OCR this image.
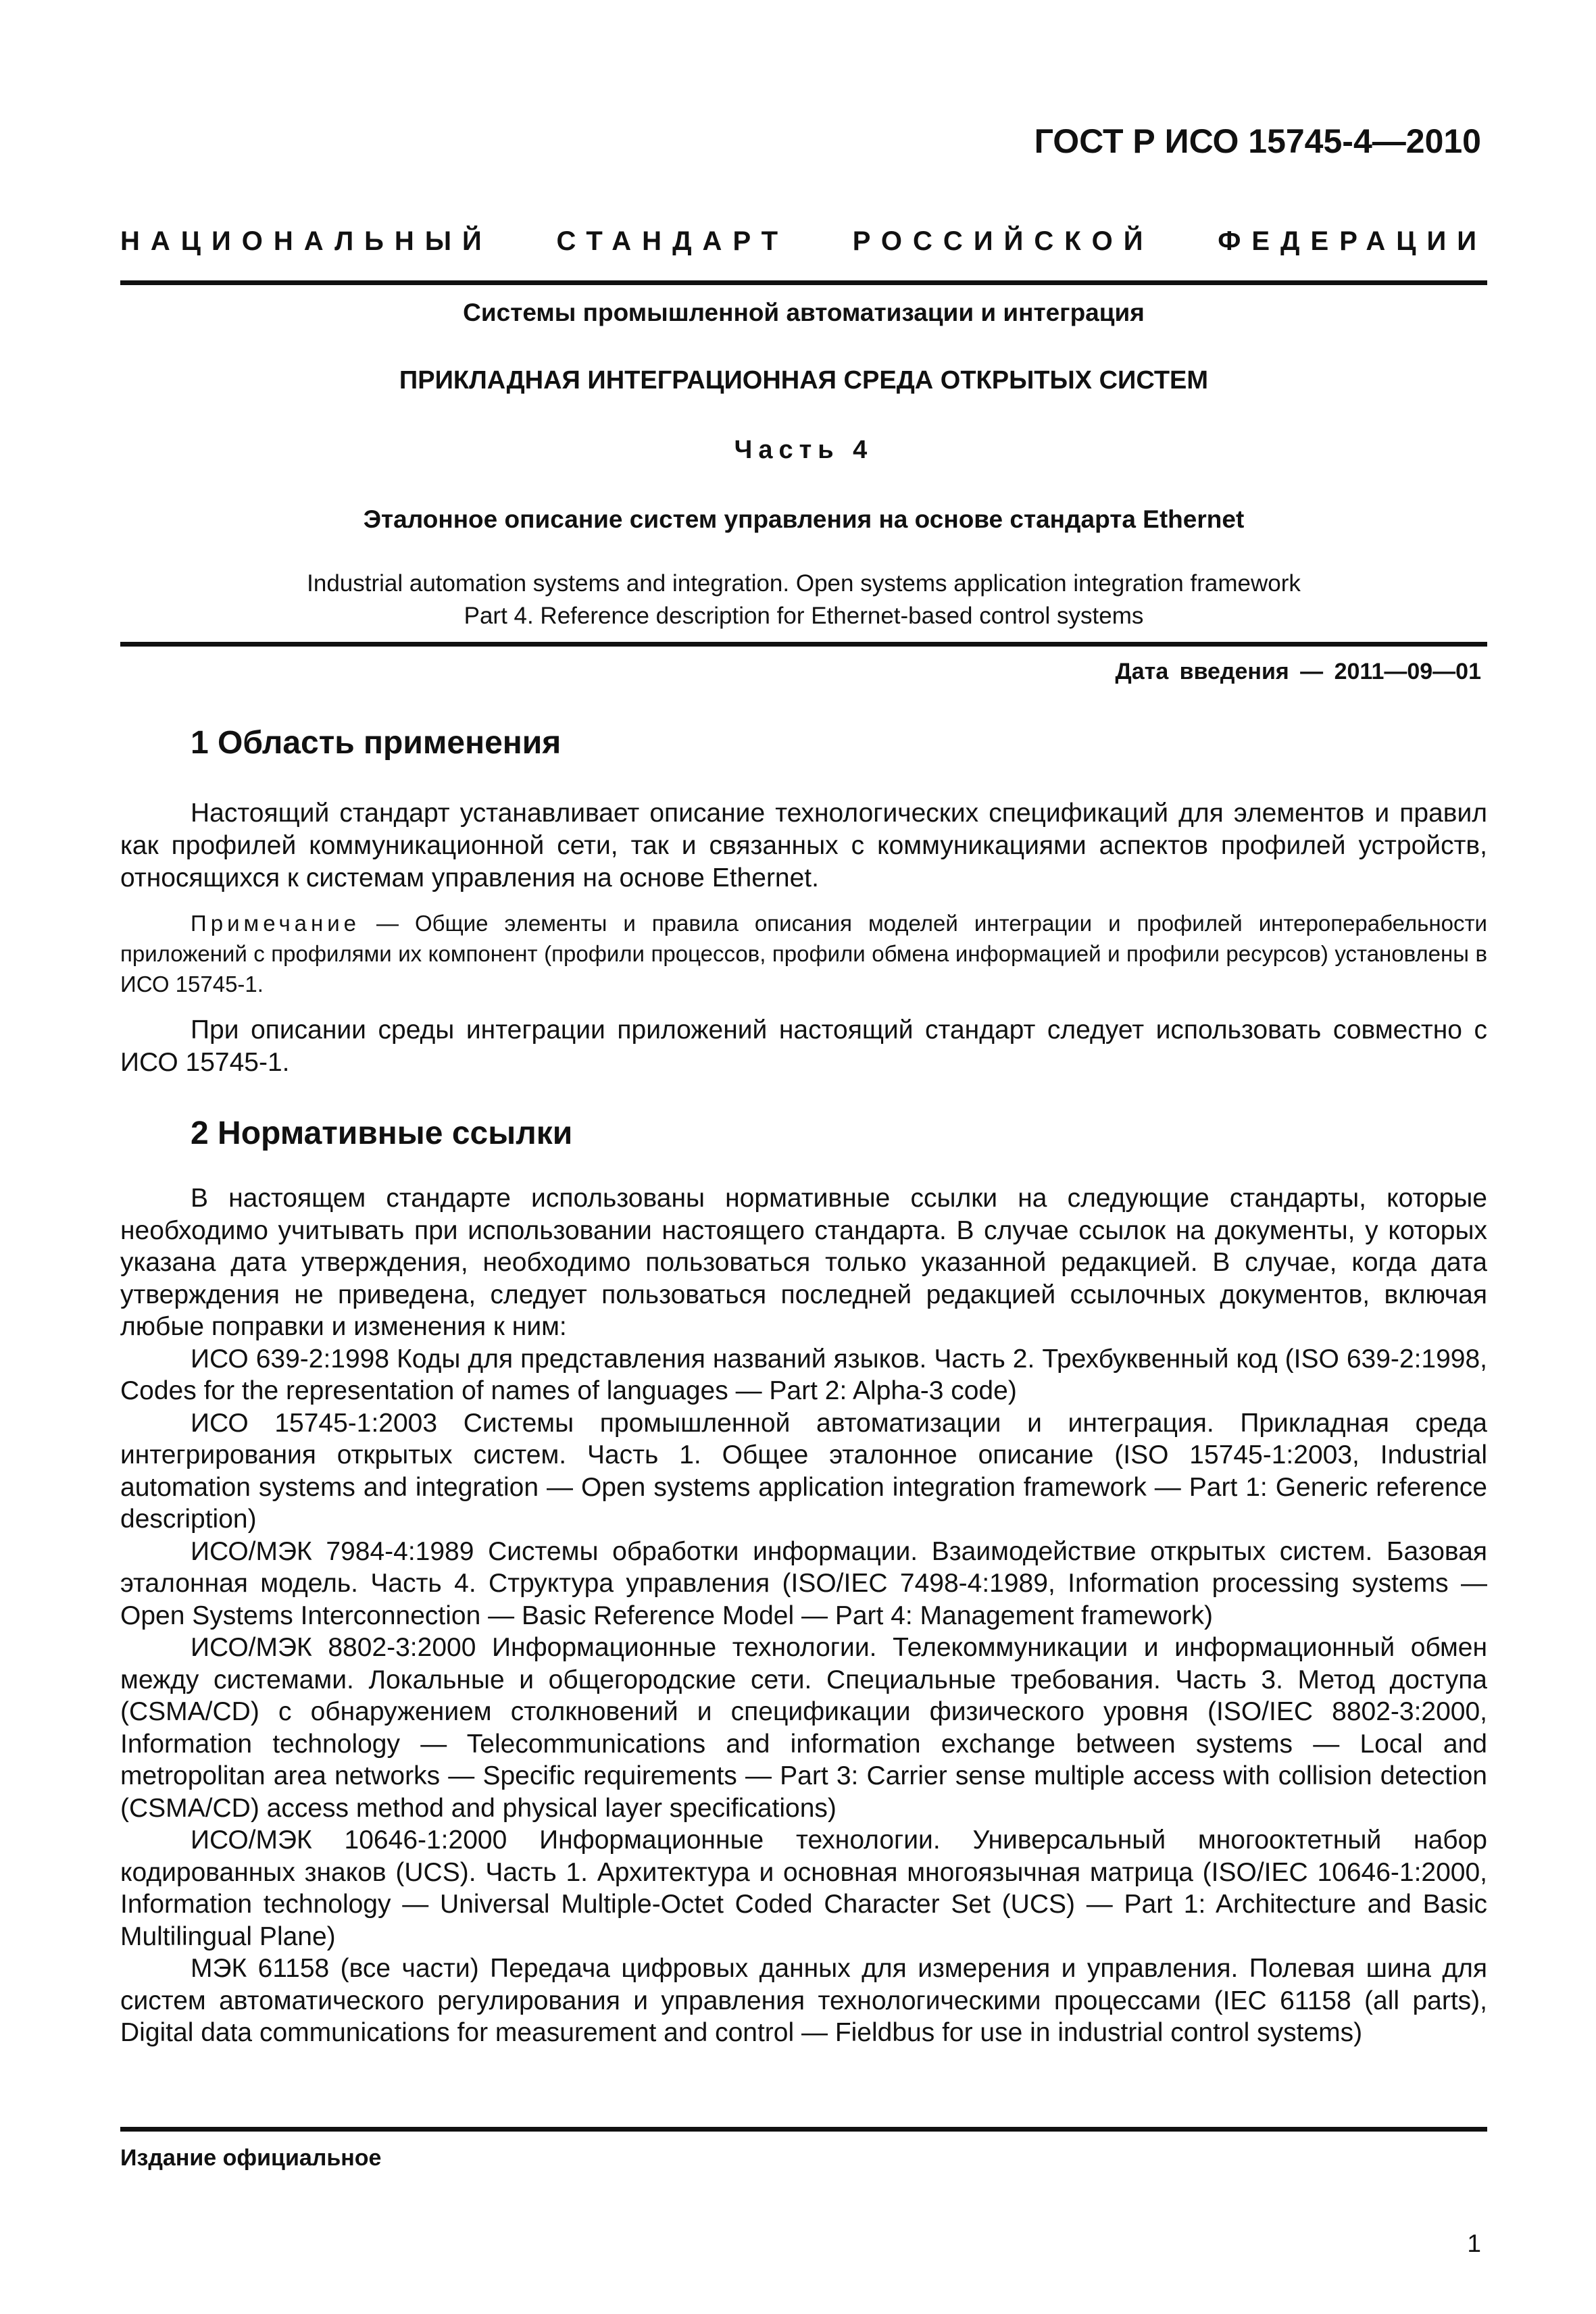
ГОСТ Р ИСО 15745-4—2010
НАЦИОНАЛЬНЫЙ СТАНДАРТ РОССИЙСКОЙ ФЕДЕРАЦИИ
Системы промышленной автоматизации и интеграция
ПРИКЛАДНАЯ ИНТЕГРАЦИОННАЯ СРЕДА ОТКРЫТЫХ СИСТЕМ
Часть 4
Эталонное описание систем управления на основе стандарта Ethernet
Industrial automation systems and integration. Open systems application integration framework
Part 4. Reference description for Ethernet-based control systems
Дата введения — 2011—09—01
1 Область применения

Настоящий стандарт устанавливает описание технологических спецификаций для элементов и правил как профилей коммуникационной сети, так и связанных с коммуникациями аспектов профилей устройств, относящихся к системам управления на основе Ethernet.

Примечание — Общие элементы и правила описания моделей интеграции и профилей интероперабельности приложений с профилями их компонент (профили процессов, профили обмена информацией и профили ресурсов) установлены в ИСО 15745-1.

При описании среды интеграции приложений настоящий стандарт следует использовать совместно с ИСО 15745-1.

2 Нормативные ссылки

В настоящем стандарте использованы нормативные ссылки на следующие стандарты, которые необходимо учитывать при использовании настоящего стандарта. В случае ссылок на документы, у которых указана дата утверждения, необходимо пользоваться только указанной редакцией. В случае, когда дата утверждения не приведена, следует пользоваться последней редакцией ссылочных документов, включая любые поправки и изменения к ним:

ИСО 639-2:1998 Коды для представления названий языков. Часть 2. Трехбуквенный код (ISO 639-2:1998, Codes for the representation of names of languages — Part 2: Alpha-3 code)

ИСО 15745-1:2003 Системы промышленной автоматизации и интеграция. Прикладная среда интегрирования открытых систем. Часть 1. Общее эталонное описание (ISO 15745-1:2003, Industrial automation systems and integration — Open systems application integration framework — Part 1: Generic reference description)

ИСО/МЭК 7984-4:1989 Системы обработки информации. Взаимодействие открытых систем. Базовая эталонная модель. Часть 4. Структура управления (ISO/IEC 7498-4:1989, Information processing systems — Open Systems Interconnection — Basic Reference Model — Part 4: Management framework)

ИСО/МЭК 8802-3:2000 Информационные технологии. Телекоммуникации и информационный обмен между системами. Локальные и общегородские сети. Специальные требования. Часть 3. Метод доступа (CSMA/CD) с обнаружением столкновений и спецификации физического уровня (ISO/IEC 8802-3:2000, Information technology — Telecommunications and information exchange between systems — Local and metropolitan area networks — Specific requirements — Part 3: Carrier sense multiple access with collision detection (CSMA/CD) access method and physical layer specifications)

ИСО/МЭК 10646-1:2000 Информационные технологии. Универсальный многооктетный набор кодированных знаков (UCS). Часть 1. Архитектура и основная многоязычная матрица (ISO/IEC 10646-1:2000, Information technology — Universal Multiple-Octet Coded Character Set (UCS) — Part 1: Architecture and Basic Multilingual Plane)

МЭК 61158 (все части) Передача цифровых данных для измерения и управления. Полевая шина для систем автоматического регулирования и управления технологическими процессами (IEC 61158 (all parts), Digital data communications for measurement and control — Fieldbus for use in industrial control systems)

Издание официальное
1
